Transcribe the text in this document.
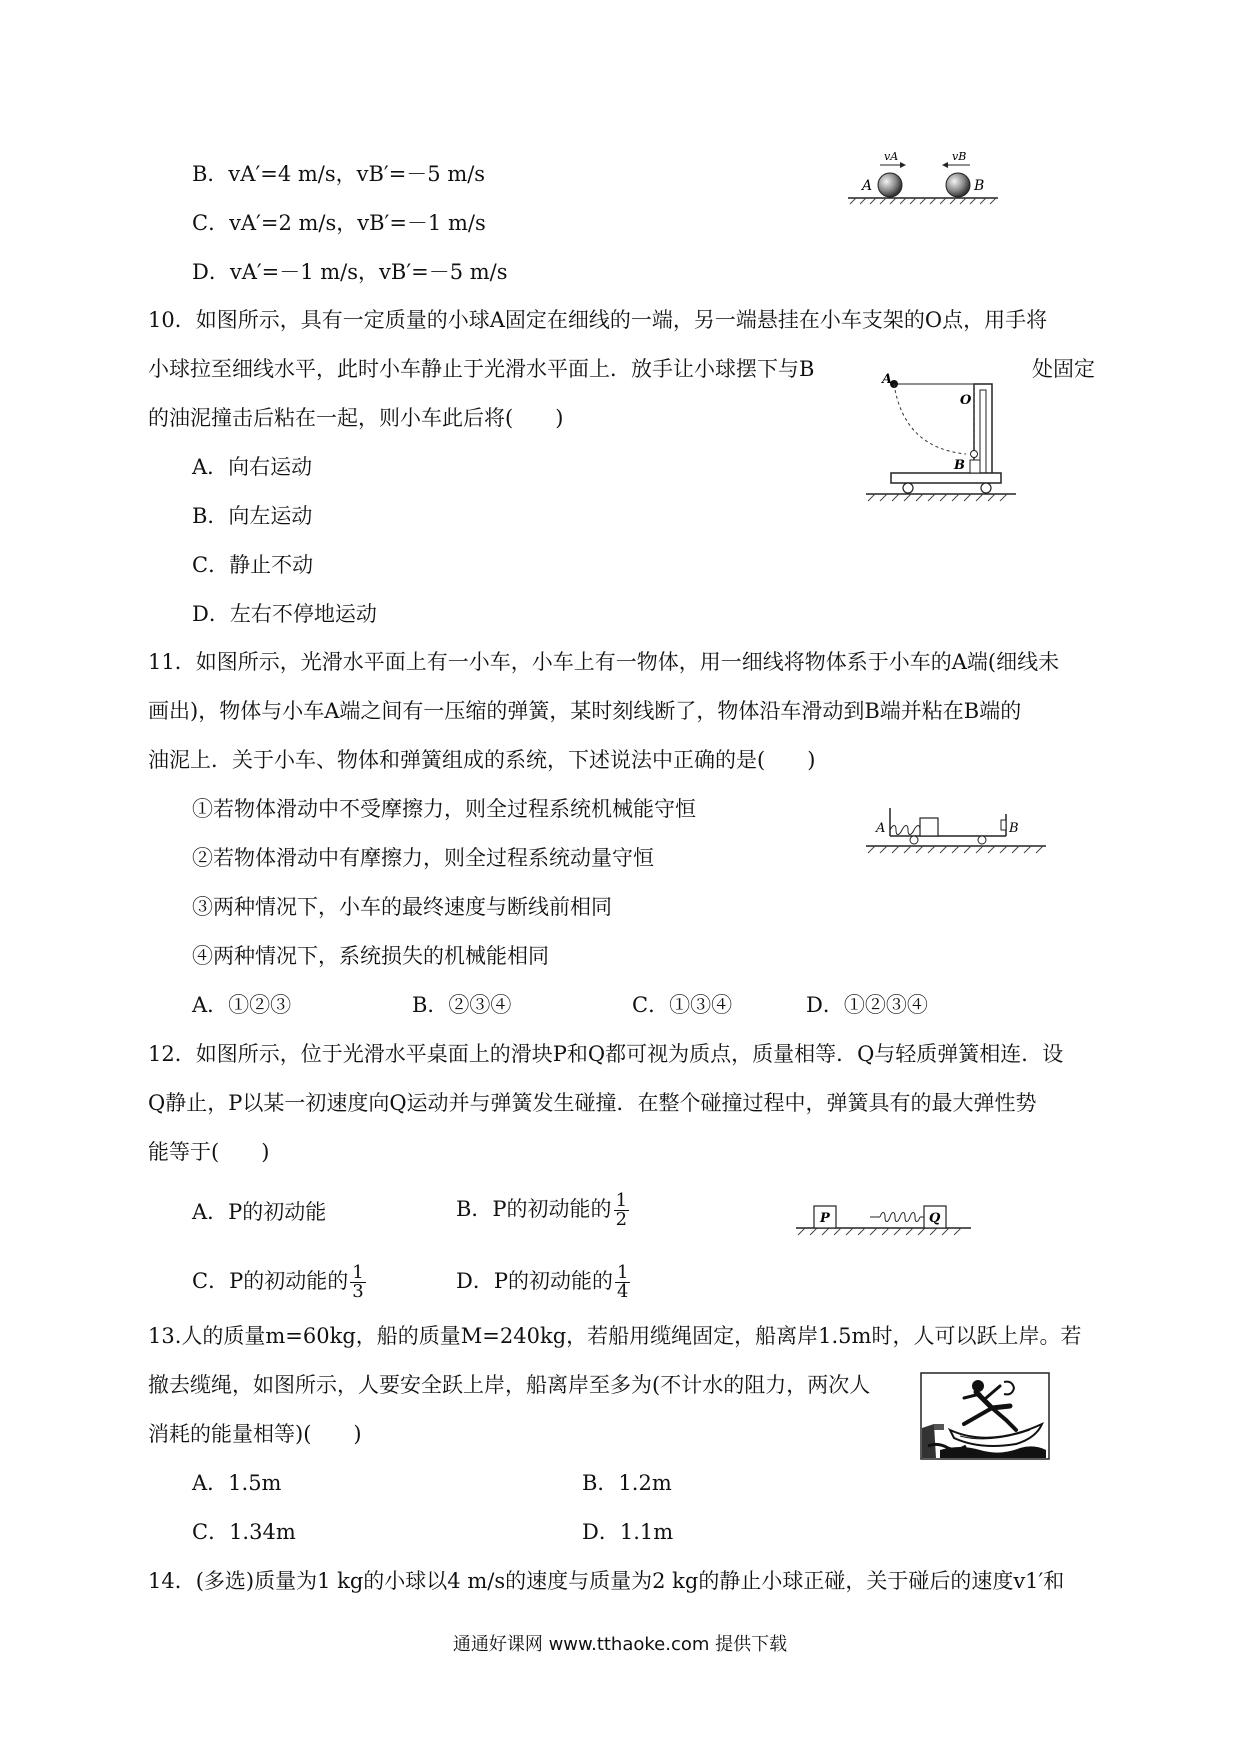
B．vA′=4 m/s，vB′=－5 m/s
C．vA′=2 m/s，vB′=－1 m/s
D．vA′=－1 m/s，vB′=－5 m/s
A	B
vA	vB
10．如图所示，具有一定质量的小球A固定在细线的一端，另一端悬挂在小车支架的O点，用手将
小球拉至细线水平，此时小车静止于光滑水平面上．放手让小球摆下与B	处固定
的油泥撞击后粘在一起，则小车此后将(　　)
A．向右运动
B．向左运动
C．静止不动
D．左右不停地运动
A
O
B
11．如图所示，光滑水平面上有一小车，小车上有一物体，用一细线将物体系于小车的A端(细线未
画出)，物体与小车A端之间有一压缩的弹簧，某时刻线断了，物体沿车滑动到B端并粘在B端的
油泥上．关于小车、物体和弹簧组成的系统，下述说法中正确的是(　　)
①若物体滑动中不受摩擦力，则全过程系统机械能守恒
②若物体滑动中有摩擦力，则全过程系统动量守恒
③两种情况下，小车的最终速度与断线前相同
④两种情况下，系统损失的机械能相同
A．①②③	B．②③④	C．①③④	D．①②③④
A	B
12．如图所示，位于光滑水平桌面上的滑块P和Q都可视为质点，质量相等．Q与轻质弹簧相连．设
Q静止，P以某一初速度向Q运动并与弹簧发生碰撞．在整个碰撞过程中，弹簧具有的最大弹性势
能等于(　　)
A．P的初动能	B．P的初动能的 $\frac{1}{2}$
C．P的初动能的 $\frac{1}{3}$	D．P的初动能的 $\frac{1}{4}$
P	Q
13.人的质量m=60kg，船的质量M=240kg，若船用缆绳固定，船离岸1.5m时，人可以跃上岸。若
撤去缆绳，如图所示，人要安全跃上岸，船离岸至多为(不计水的阻力，两次人
消耗的能量相等)(　　)
A．1.5m	B．1.2m
C．1.34m	D．1.1m
14．(多选)质量为1 kg的小球以4 m/s的速度与质量为2 kg的静止小球正碰，关于碰后的速度v1′和
通通好课网 www.tthaoke.com 提供下载
